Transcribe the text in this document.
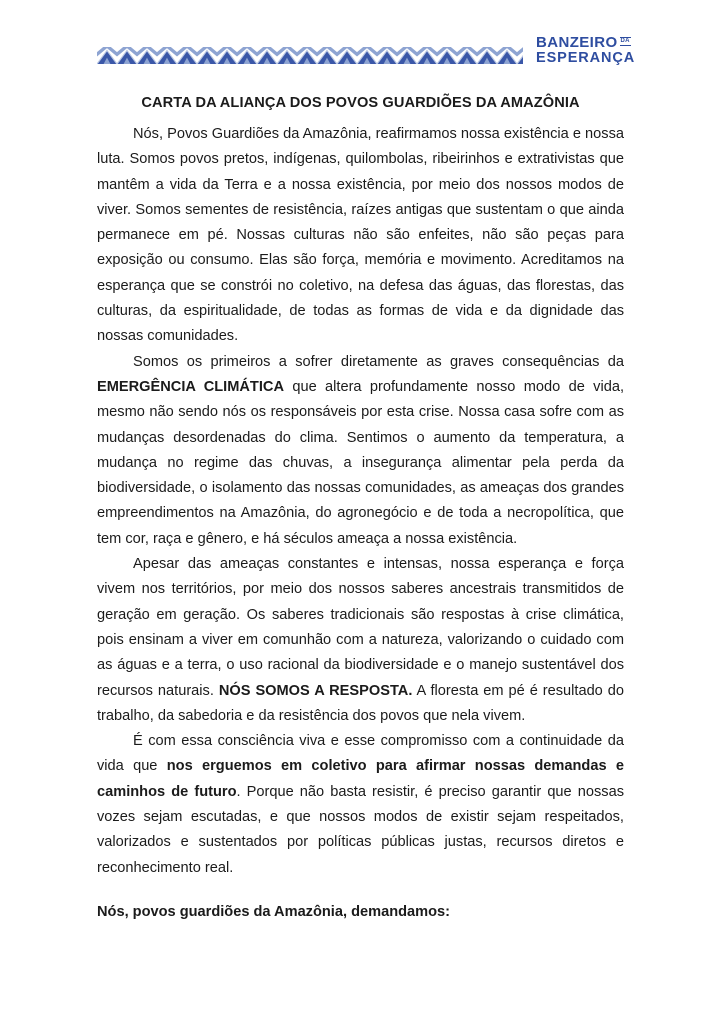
BANZEIRO DA
ESPERANÇA
CARTA DA ALIANÇA DOS POVOS GUARDIÕES DA AMAZÔNIA

Nós, Povos Guardiões da Amazônia, reafirmamos nossa existência e nossa luta. Somos povos pretos, indígenas, quilombolas, ribeirinhos e extrativistas que mantêm a vida da Terra e a nossa existência, por meio dos nossos modos de viver. Somos sementes de resistência, raízes antigas que sustentam o que ainda permanece em pé. Nossas culturas não são enfeites, não são peças para exposição ou consumo. Elas são força, memória e movimento. Acreditamos na esperança que se constrói no coletivo, na defesa das águas, das florestas, das culturas, da espiritualidade, de todas as formas de vida e da dignidade das nossas comunidades.

Somos os primeiros a sofrer diretamente as graves consequências da EMERGÊNCIA CLIMÁTICA que altera profundamente nosso modo de vida, mesmo não sendo nós os responsáveis por esta crise. Nossa casa sofre com as mudanças desordenadas do clima. Sentimos o aumento da temperatura, a mudança no regime das chuvas, a insegurança alimentar pela perda da biodiversidade, o isolamento das nossas comunidades, as ameaças dos grandes empreendimentos na Amazônia, do agronegócio e de toda a necropolítica, que tem cor, raça e gênero, e há séculos ameaça a nossa existência.

Apesar das ameaças constantes e intensas, nossa esperança e força vivem nos territórios, por meio dos nossos saberes ancestrais transmitidos de geração em geração. Os saberes tradicionais são respostas à crise climática, pois ensinam a viver em comunhão com a natureza, valorizando o cuidado com as águas e a terra, o uso racional da biodiversidade e o manejo sustentável dos recursos naturais. NÓS SOMOS A RESPOSTA. A floresta em pé é resultado do trabalho, da sabedoria e da resistência dos povos que nela vivem.

É com essa consciência viva e esse compromisso com a continuidade da vida que nos erguemos em coletivo para afirmar nossas demandas e caminhos de futuro. Porque não basta resistir, é preciso garantir que nossas vozes sejam escutadas, e que nossos modos de existir sejam respeitados, valorizados e sustentados por políticas públicas justas, recursos diretos e reconhecimento real.

Nós, povos guardiões da Amazônia, demandamos:
